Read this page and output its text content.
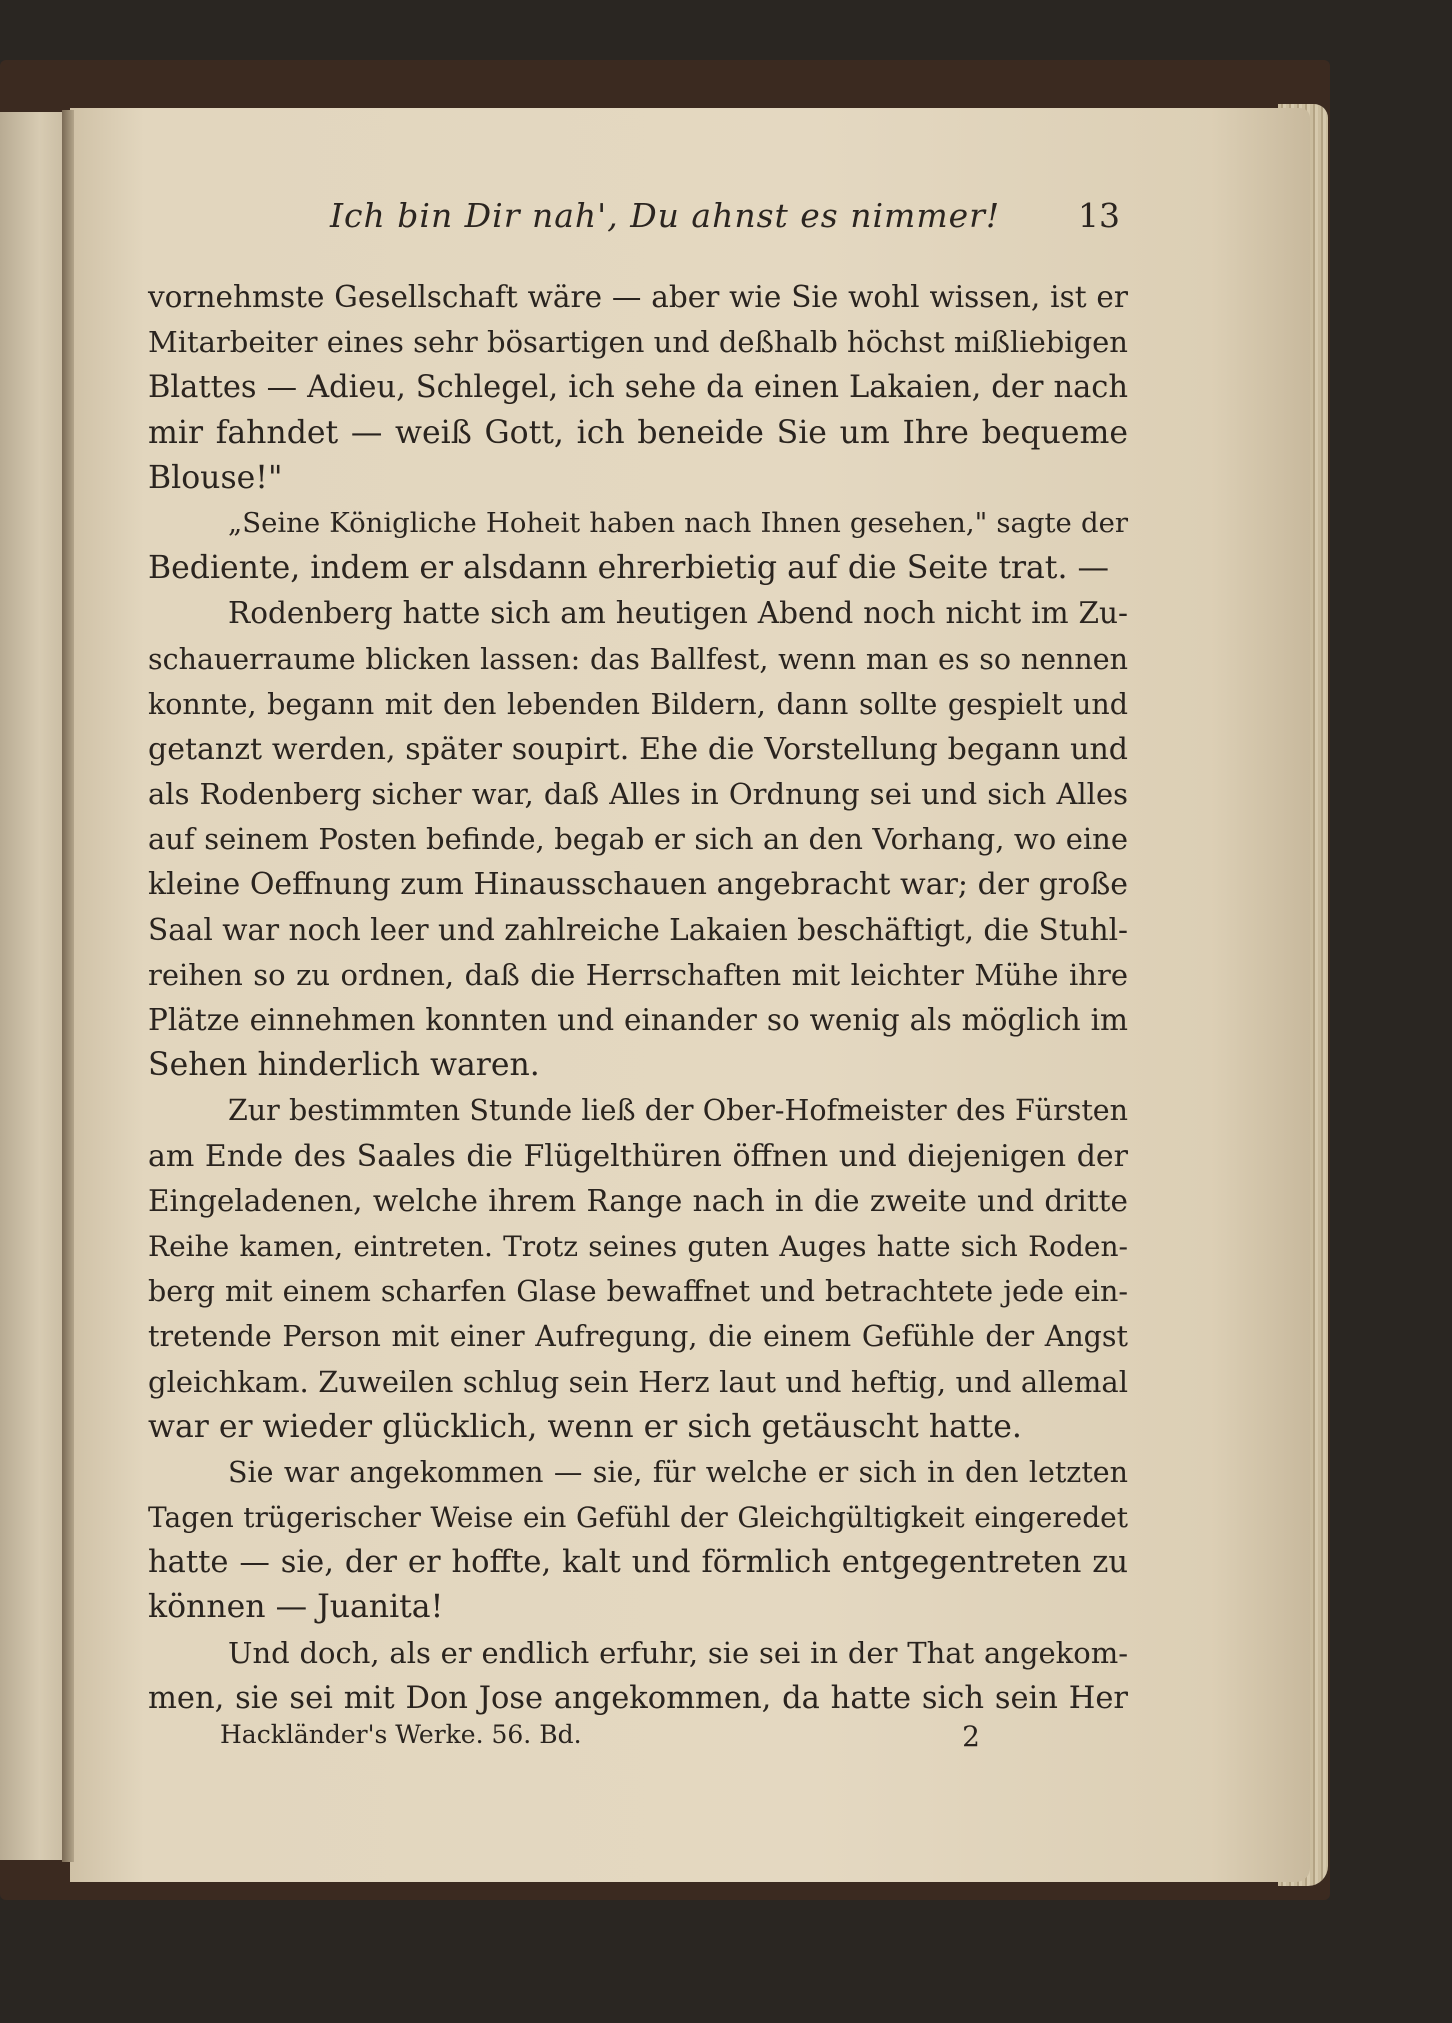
Ich bin Dir nah', Du ahnst es nimmer! 13
vornehmste Gesellschaft wäre — aber wie Sie wohl wissen, ist er
Mitarbeiter eines sehr bösartigen und deßhalb höchst mißliebigen
Blattes — Adieu, Schlegel, ich sehe da einen Lakaien, der nach
mir fahndet — weiß Gott, ich beneide Sie um Ihre bequeme
Blouse!"
„Seine Königliche Hoheit haben nach Ihnen gesehen," sagte der
Bediente, indem er alsdann ehrerbietig auf die Seite trat. —
Rodenberg hatte sich am heutigen Abend noch nicht im Zu-
schauerraume blicken lassen: das Ballfest, wenn man es so nennen
konnte, begann mit den lebenden Bildern, dann sollte gespielt und
getanzt werden, später soupirt. Ehe die Vorstellung begann und
als Rodenberg sicher war, daß Alles in Ordnung sei und sich Alles
auf seinem Posten befinde, begab er sich an den Vorhang, wo eine
kleine Oeffnung zum Hinausschauen angebracht war; der große
Saal war noch leer und zahlreiche Lakaien beschäftigt, die Stuhl-
reihen so zu ordnen, daß die Herrschaften mit leichter Mühe ihre
Plätze einnehmen konnten und einander so wenig als möglich im
Sehen hinderlich waren.
Zur bestimmten Stunde ließ der Ober-Hofmeister des Fürsten
am Ende des Saales die Flügelthüren öffnen und diejenigen der
Eingeladenen, welche ihrem Range nach in die zweite und dritte
Reihe kamen, eintreten. Trotz seines guten Auges hatte sich Roden-
berg mit einem scharfen Glase bewaffnet und betrachtete jede ein-
tretende Person mit einer Aufregung, die einem Gefühle der Angst
gleichkam. Zuweilen schlug sein Herz laut und heftig, und allemal
war er wieder glücklich, wenn er sich getäuscht hatte.
Sie war angekommen — sie, für welche er sich in den letzten
Tagen trügerischer Weise ein Gefühl der Gleichgültigkeit eingeredet
hatte — sie, der er hoffte, kalt und förmlich entgegentreten zu
können — Juanita!
Und doch, als er endlich erfuhr, sie sei in der That angekom-
men, sie sei mit Don Jose angekommen, da hatte sich sein Her
Hackländer's Werke. 56. Bd.	2
